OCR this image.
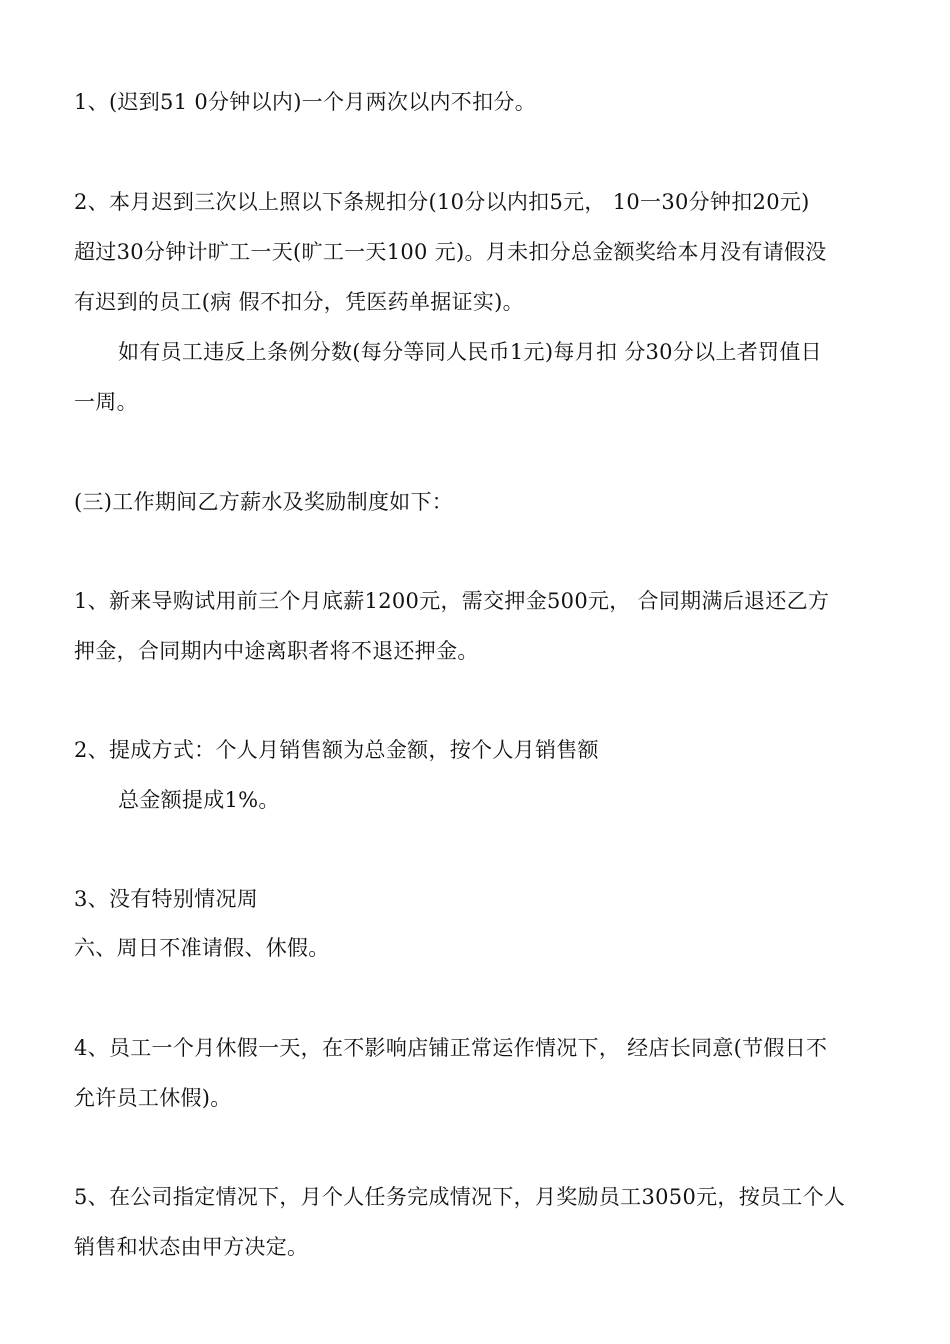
1、(迟到51 0分钟以内)一个月两次以内不扣分。
2、本月迟到三次以上照以下条规扣分(10分以内扣5元， 10一30分钟扣20元)
超过30分钟计旷工一天(旷工一天100 元)。月未扣分总金额奖给本月没有请假没
有迟到的员工(病 假不扣分，凭医药单据证实)。
如有员工违反上条例分数(每分等同人民币1元)每月扣 分30分以上者罚值日
一周。
(三)工作期间乙方薪水及奖励制度如下：
1、新来导购试用前三个月底薪1200元，需交押金500元， 合同期满后退还乙方
押金，合同期内中途离职者将不退还押金。
2、提成方式：个人月销售额为总金额，按个人月销售额
总金额提成1%。
3、没有特别情况周
六、周日不准请假、休假。
4、员工一个月休假一天，在不影响店铺正常运作情况下， 经店长同意(节假日不
允许员工休假)。
5、在公司指定情况下，月个人任务完成情况下，月奖励员工3050元，按员工个人
销售和状态由甲方决定。
